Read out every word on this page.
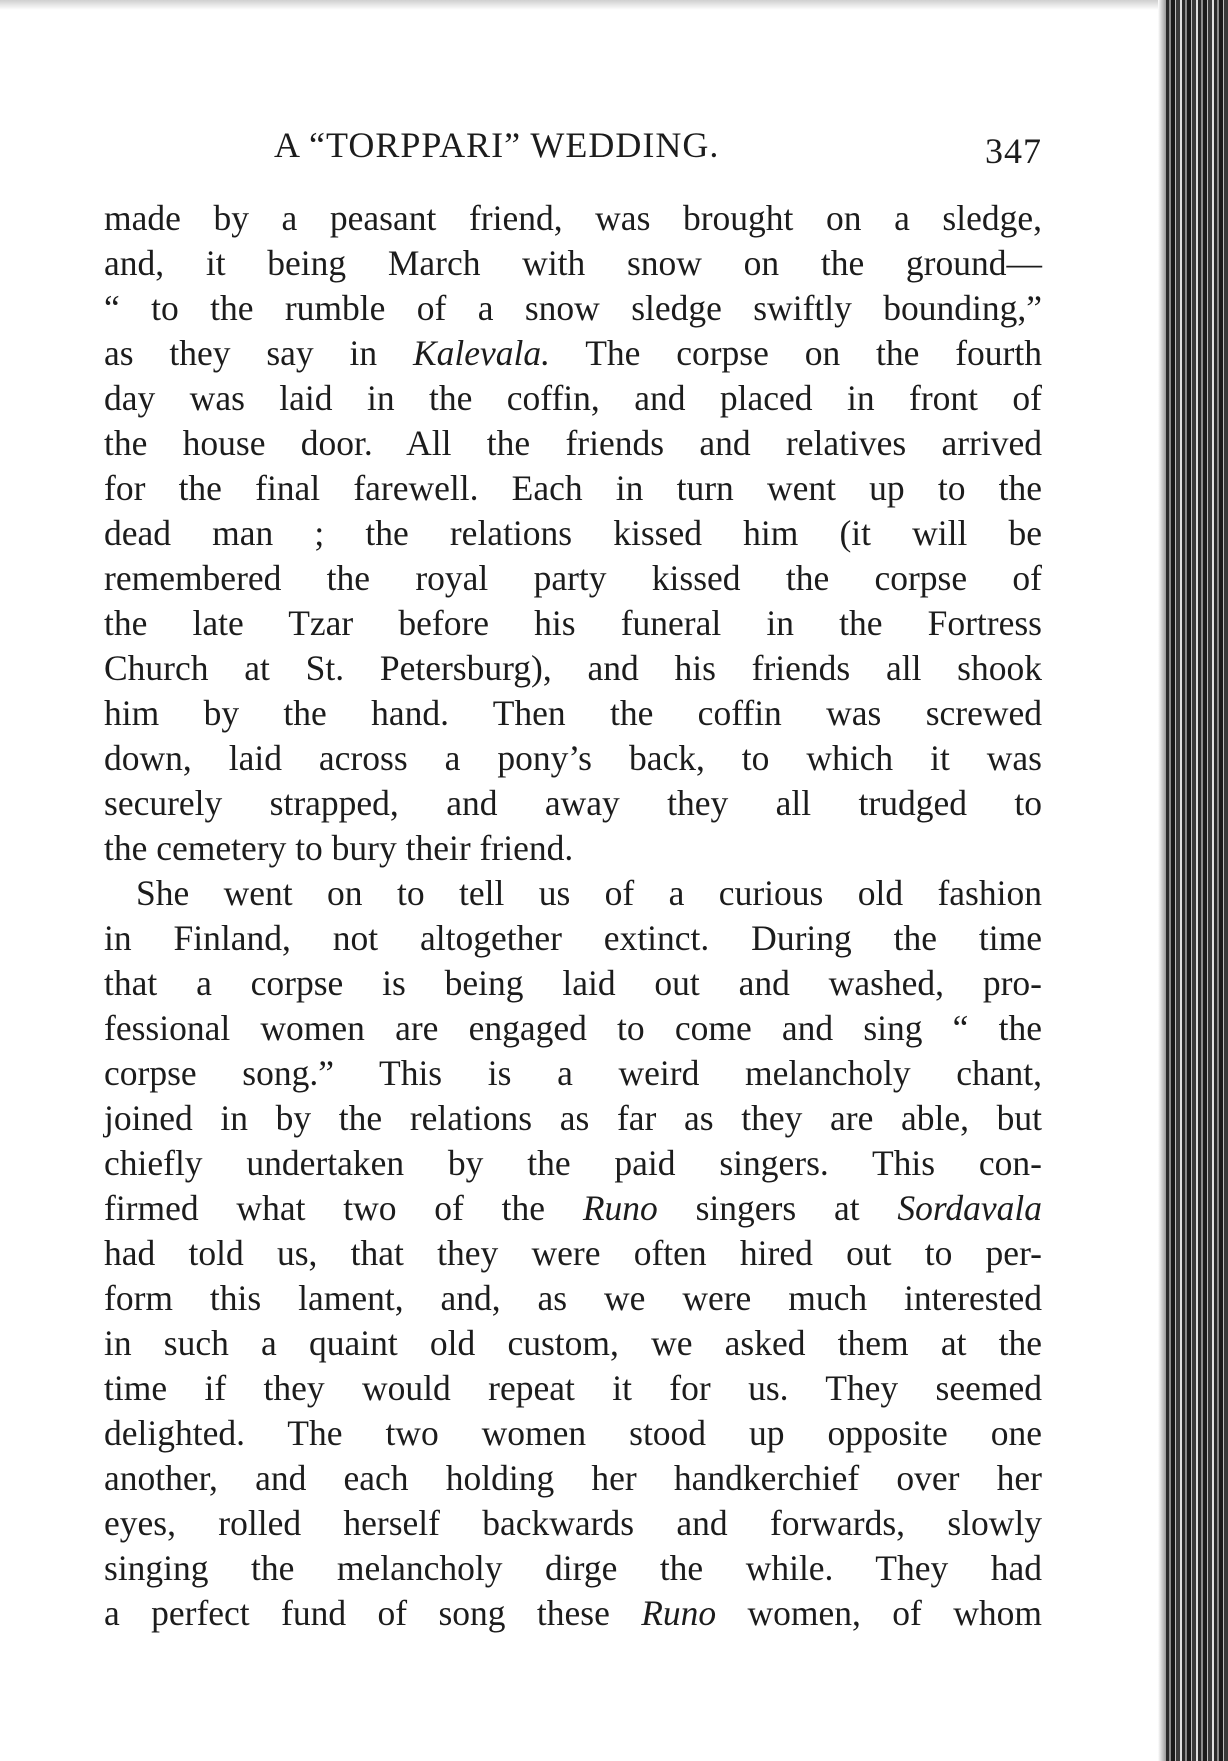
A “TORPPARI” WEDDING.	347
made by a peasant friend, was brought on a sledge,
and, it being March with snow on the ground—
“ to the rumble of a snow sledge swiftly bounding,”
as they say in Kalevala. The corpse on the fourth
day was laid in the coffin, and placed in front of
the house door. All the friends and relatives arrived
for the final farewell. Each in turn went up to the
dead man ; the relations kissed him (it will be
remembered the royal party kissed the corpse of
the late Tzar before his funeral in the Fortress
Church at St. Petersburg), and his friends all shook
him by the hand. Then the coffin was screwed
down, laid across a pony’s back, to which it was
securely strapped, and away they all trudged to
the cemetery to bury their friend.
She went on to tell us of a curious old fashion
in Finland, not altogether extinct. During the time
that a corpse is being laid out and washed, pro-
fessional women are engaged to come and sing “ the
corpse song.” This is a weird melancholy chant,
joined in by the relations as far as they are able, but
chiefly undertaken by the paid singers. This con-
firmed what two of the Runo singers at Sordavala
had told us, that they were often hired out to per-
form this lament, and, as we were much interested
in such a quaint old custom, we asked them at the
time if they would repeat it for us. They seemed
delighted. The two women stood up opposite one
another, and each holding her handkerchief over her
eyes, rolled herself backwards and forwards, slowly
singing the melancholy dirge the while. They had
a perfect fund of song these Runo women, of whom
